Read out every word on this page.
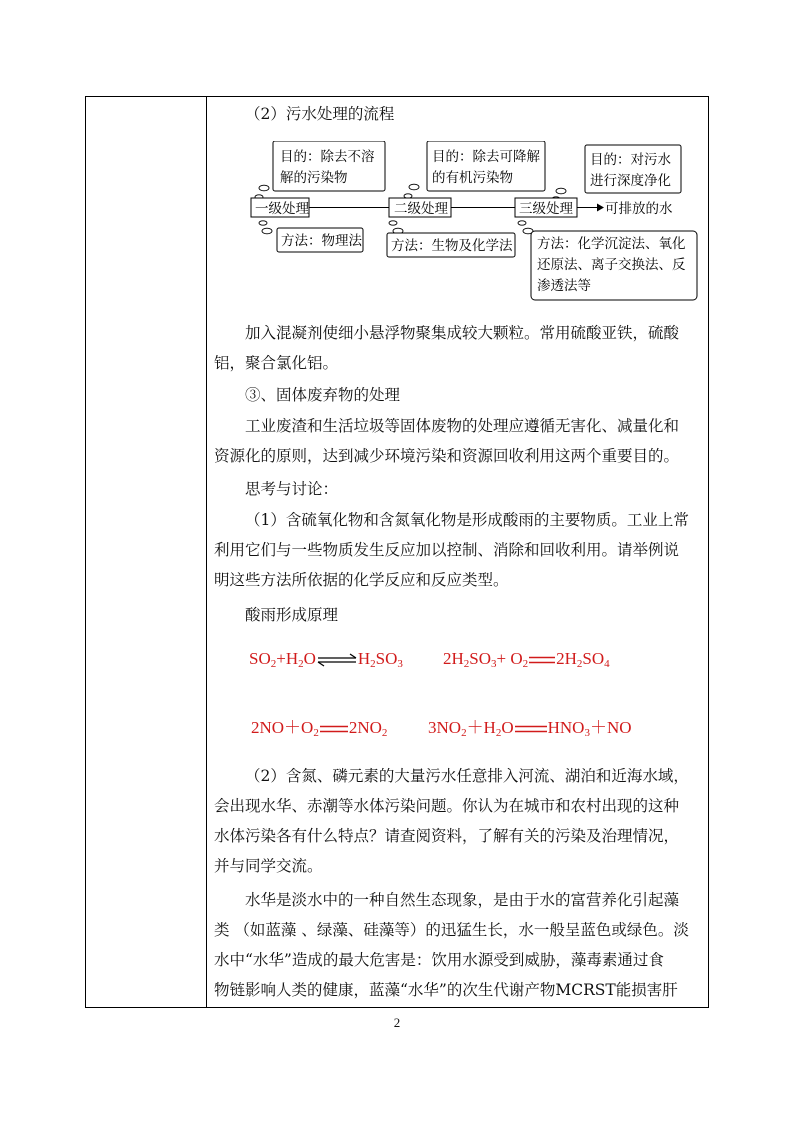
（2）污水处理的流程

目的：除去不溶
解的污染物
目的：除去可降解
的有机污染物
目的：对污水
进行深度净化
一级处理	二级处理	三级处理 可排放的水
方法：物理法 方法：生物及化学法 方法：化学沉淀法、氧化
还原法、离子交换法、反
渗透法等

加入混凝剂使细小悬浮物聚集成较大颗粒。常用硫酸亚铁，硫酸
铝，聚合氯化铝。

③、固体废弃物的处理

工业废渣和生活垃圾等固体废物的处理应遵循无害化、减量化和
资源化的原则，达到减少环境污染和资源回收利用这两个重要目的。

思考与讨论：

（1）含硫氧化物和含氮氧化物是形成酸雨的主要物质。工业上常
利用它们与一些物质发生反应加以控制、消除和回收利用。请举例说
明这些方法所依据的化学反应和反应类型。

酸雨形成原理

$SO_2+H_2O\rightleftharpoons H_2SO_3$ $2H_2SO_3+ O_2$ $2H_2SO_4$
$2NO+O_2$ $2NO_2$ $3NO_2+H_2O$ $HNO_3+NO$

（2）含氮、磷元素的大量污水任意排入河流、湖泊和近海水域，
会出现水华、赤潮等水体污染问题。你认为在城市和农村出现的这种
水体污染各有什么特点？请查阅资料，了解有关的污染及治理情况，
并与同学交流。

水华是淡水中的一种自然生态现象，是由于水的富营养化引起藻
类 （如蓝藻 、绿藻、硅藻等）的迅猛生长，水一般呈蓝色或绿色。淡
水中“水华”造成的最大危害是：饮用水源受到威胁，藻毒素通过食
物链影响人类的健康，蓝藻“水华”的次生代谢产物MCRST能损害肝

2
